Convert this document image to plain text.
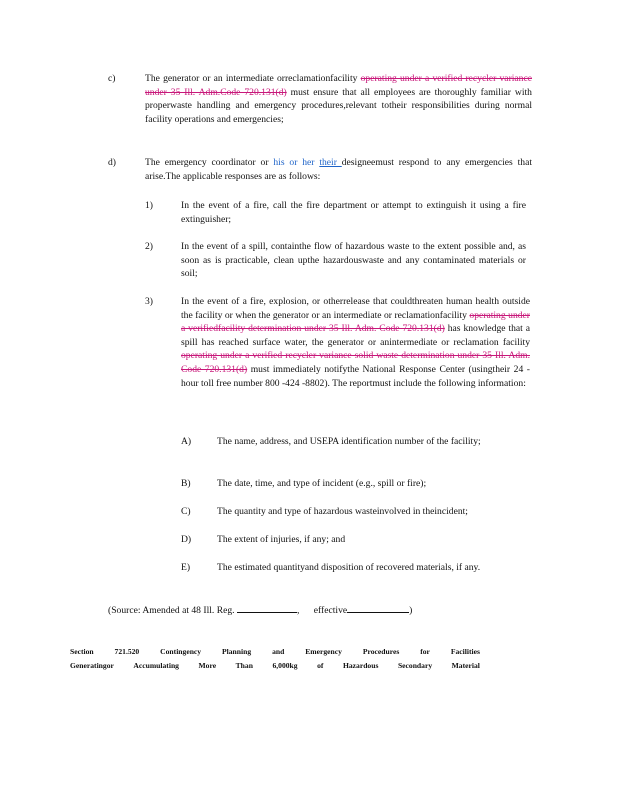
c)	The generator or an intermediate orreclamationfacility operating under a verified recycler variance under 35 Ill. Adm.Code 720.131(d) must ensure that all employees are thoroughly familiar with properwaste handling and emergency procedures,relevant totheir responsibilities during normal facility operations and emergencies;
d)	The emergency coordinator or his or her their designeemust respond to any emergencies that arise.The applicable responses are as follows:
1)	In the event of a fire, call the fire department or attempt to extinguish it using a fire extinguisher;
2)	In the event of a spill, containthe flow of hazardous waste to the extent possible and, as soon as is practicable, clean upthe hazardouswaste and any contaminated materials or soil;
3)	In the event of a fire, explosion, or otherrelease that couldthreaten human health outside the facility or when the generator or an intermediate or reclamationfacility operating under a verifiedfacility determination under 35 Ill. Adm. Code 720.131(d) has knowledge that a spill has reached surface water, the generator or anintermediate or reclamation facility operating under a verified recycler variance solid waste determination under 35 Ill. Adm. Code 720.131(d) must immediately notifythe National Response Center (usingtheir 24 -hour toll free number 800 -424 -8802). The reportmust include the following information:
A)	The name, address, and USEPA identification number of the facility;
B)	The date, time, and type of incident (e.g., spill or fire);
C)	The quantity and type of hazardous wasteinvolved in theincident;
D)	The extent of injuries, if any; and
E)	The estimated quantityand disposition of recovered materials, if any.
(Source: Amended at 48 Ill. Reg.	, effective	)
Section	721.520	Contingency	Planning	and	Emergency	Procedures	for	Facilities
Generatingor	Accumulating	More	Than	6,000kg	of	Hazardous	Secondary	Material
